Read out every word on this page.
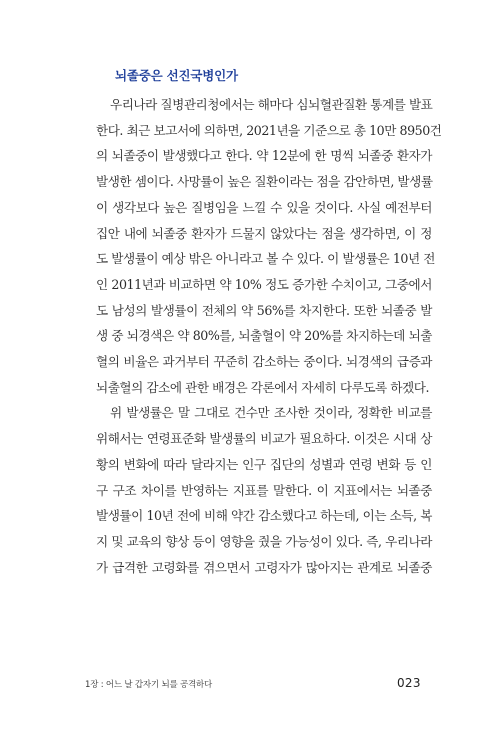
뇌졸중은 선진국병인가

우리나라 질병관리청에서는 해마다 심뇌혈관질환 통계를 발표
한다. 최근 보고서에 의하면, 2021년을 기준으로 총 10만 8950건
의 뇌졸중이 발생했다고 한다. 약 12분에 한 명씩 뇌졸중 환자가
발생한 셈이다. 사망률이 높은 질환이라는 점을 감안하면, 발생률
이 생각보다 높은 질병임을 느낄 수 있을 것이다. 사실 예전부터
집안 내에 뇌졸중 환자가 드물지 않았다는 점을 생각하면, 이 정
도 발생률이 예상 밖은 아니라고 볼 수 있다. 이 발생률은 10년 전
인 2011년과 비교하면 약 10% 정도 증가한 수치이고, 그중에서
도 남성의 발생률이 전체의 약 56%를 차지한다. 또한 뇌졸중 발
생 중 뇌경색은 약 80%를, 뇌출혈이 약 20%를 차지하는데 뇌출
혈의 비율은 과거부터 꾸준히 감소하는 중이다. 뇌경색의 급증과
뇌출혈의 감소에 관한 배경은 각론에서 자세히 다루도록 하겠다.

위 발생률은 말 그대로 건수만 조사한 것이라, 정확한 비교를
위해서는 연령표준화 발생률의 비교가 필요하다. 이것은 시대 상
황의 변화에 따라 달라지는 인구 집단의 성별과 연령 변화 등 인
구 구조 차이를 반영하는 지표를 말한다. 이 지표에서는 뇌졸중
발생률이 10년 전에 비해 약간 감소했다고 하는데, 이는 소득, 복
지 및 교육의 향상 등이 영향을 줬을 가능성이 있다. 즉, 우리나라
가 급격한 고령화를 겪으면서 고령자가 많아지는 관계로 뇌졸중

1장 : 어느 날 갑자기 뇌를 공격하다	023
